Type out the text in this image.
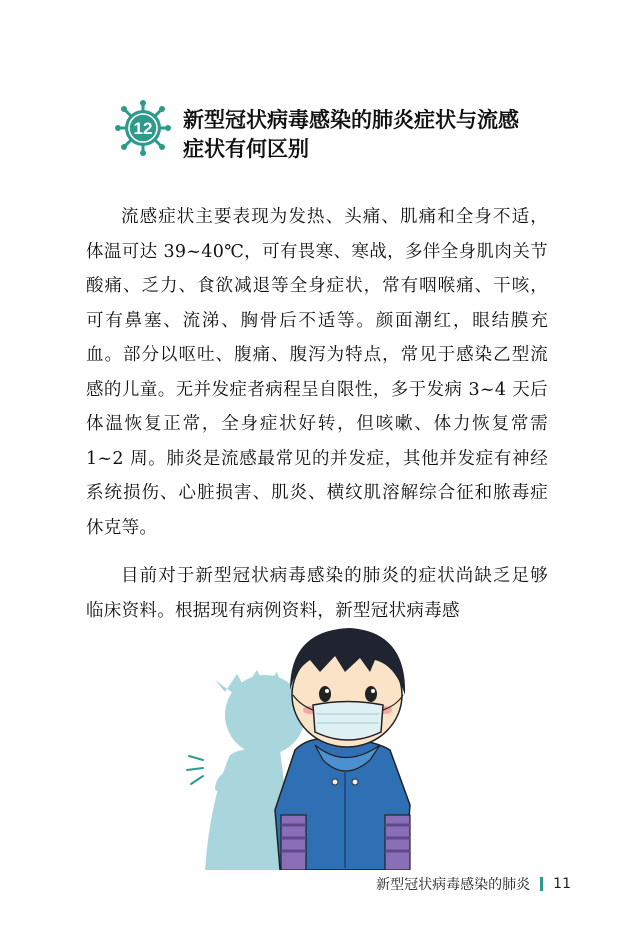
12 新型冠状病毒感染的肺炎症状与流感
症状有何区别

流感症状主要表现为发热、头痛、肌痛和全身不适，体温可达 39~40℃，可有畏寒、寒战，多伴全身肌肉关节酸痛、乏力、食欲减退等全身症状，常有咽喉痛、干咳，可有鼻塞、流涕、胸骨后不适等。颜面潮红，眼结膜充血。部分以呕吐、腹痛、腹泻为特点，常见于感染乙型流感的儿童。无并发症者病程呈自限性，多于发病 3~4 天后体温恢复正常，全身症状好转，但咳嗽、体力恢复常需 1~2 周。肺炎是流感最常见的并发症，其他并发症有神经系统损伤、心脏损害、肌炎、横纹肌溶解综合征和脓毒症休克等。

目前对于新型冠状病毒感染的肺炎的症状尚缺乏足够临床资料。根据现有病例资料，新型冠状病毒感

新型冠状病毒感染的肺炎 11
